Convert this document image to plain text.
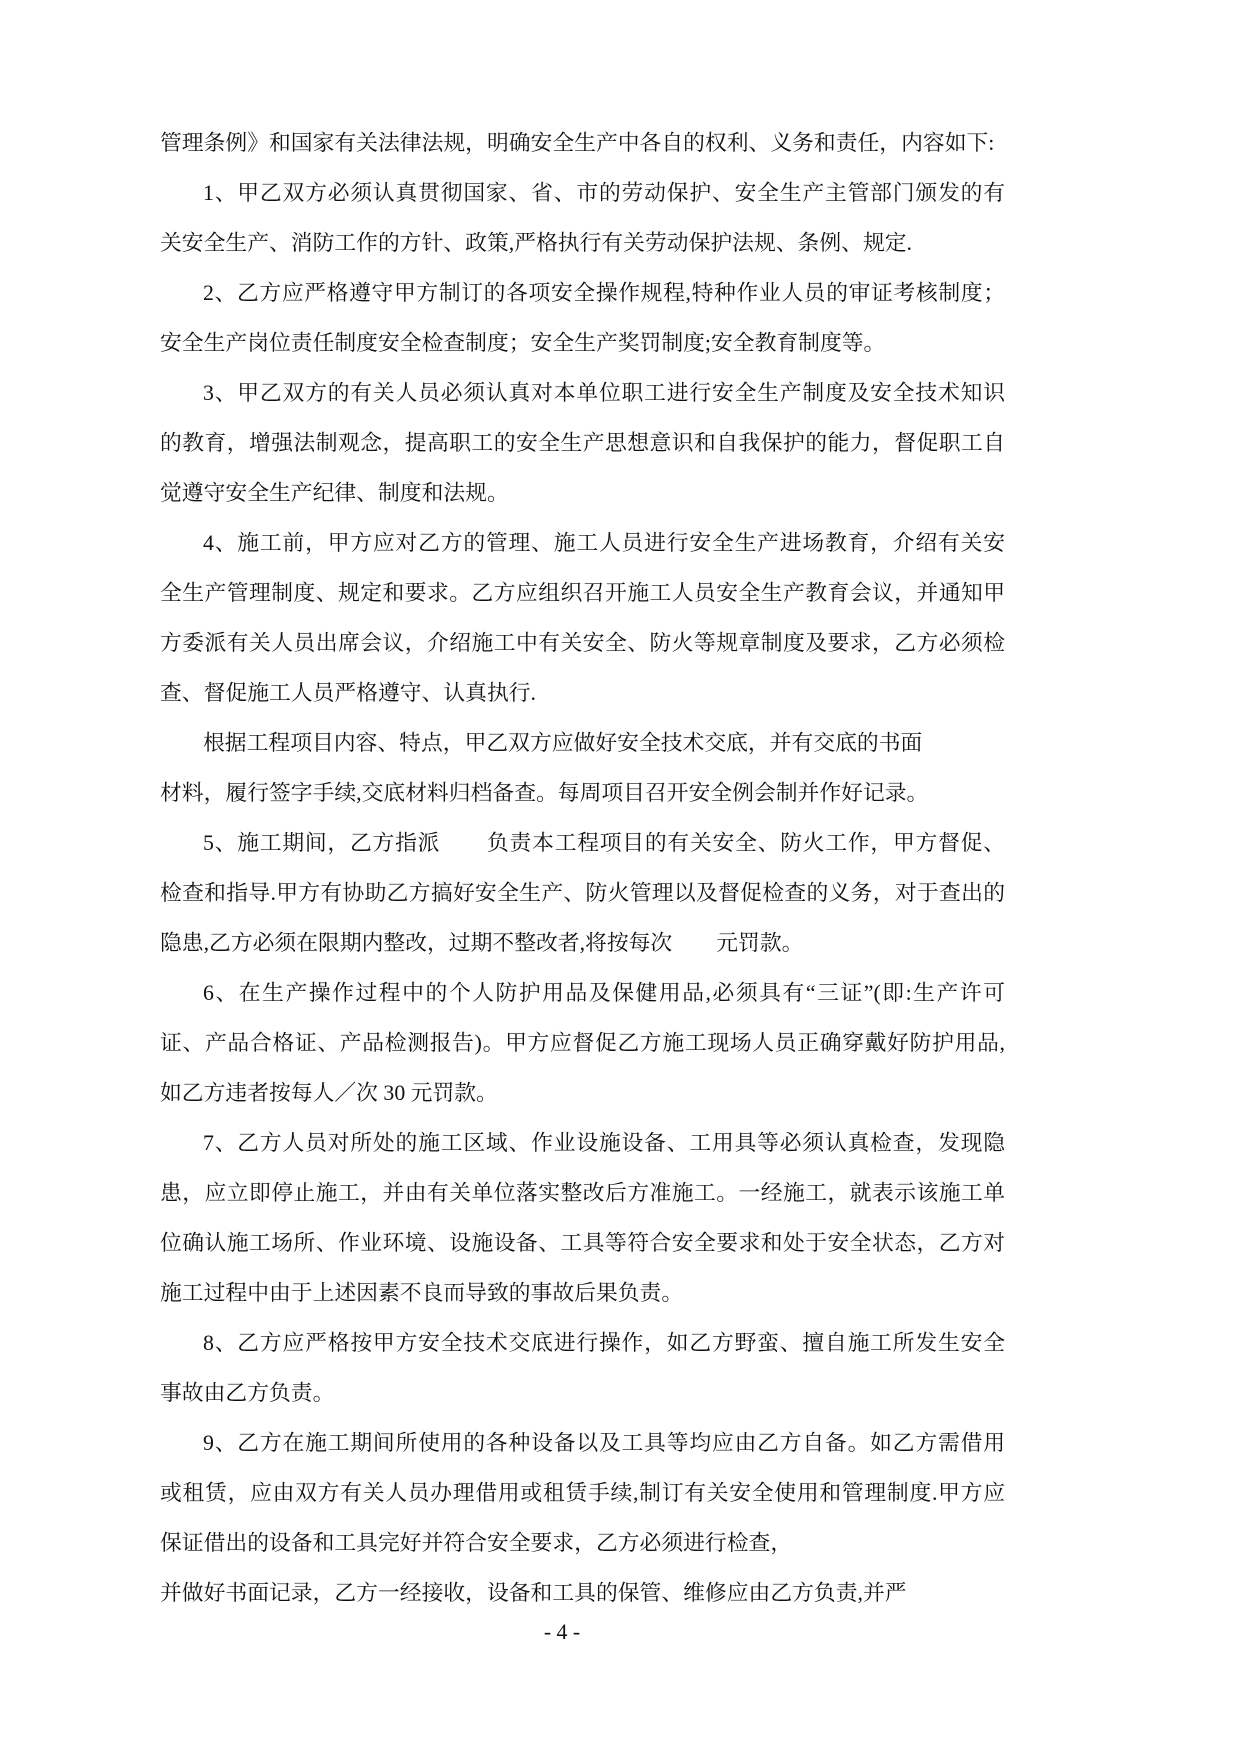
管理条例》和国家有关法律法规，明确安全生产中各自的权利、义务和责任，内容如下:
1、甲乙双方必须认真贯彻国家、省、市的劳动保护、安全生产主管部门颁发的有
关安全生产、消防工作的方针、政策,严格执行有关劳动保护法规、条例、规定.
2、乙方应严格遵守甲方制订的各项安全操作规程,特种作业人员的审证考核制度；
安全生产岗位责任制度安全检查制度；安全生产奖罚制度;安全教育制度等。
3、甲乙双方的有关人员必须认真对本单位职工进行安全生产制度及安全技术知识
的教育，增强法制观念，提高职工的安全生产思想意识和自我保护的能力，督促职工自
觉遵守安全生产纪律、制度和法规。
4、施工前，甲方应对乙方的管理、施工人员进行安全生产进场教育，介绍有关安
全生产管理制度、规定和要求。乙方应组织召开施工人员安全生产教育会议，并通知甲
方委派有关人员出席会议，介绍施工中有关安全、防火等规章制度及要求，乙方必须检
查、督促施工人员严格遵守、认真执行.
根据工程项目内容、特点，甲乙双方应做好安全技术交底，并有交底的书面
材料，履行签字手续,交底材料归档备查。每周项目召开安全例会制并作好记录。
5、施工期间，乙方指派 负责本工程项目的有关安全、防火工作，甲方督促、
检查和指导.甲方有协助乙方搞好安全生产、防火管理以及督促检查的义务，对于查出的
隐患,乙方必须在限期内整改，过期不整改者,将按每次 元罚款。
6、在生产操作过程中的个人防护用品及保健用品,必须具有“三证”(即:生产许可
证、产品合格证、产品检测报告)。甲方应督促乙方施工现场人员正确穿戴好防护用品,
如乙方违者按每人／次 30 元罚款。
7、乙方人员对所处的施工区域、作业设施设备、工用具等必须认真检查，发现隐
患，应立即停止施工，并由有关单位落实整改后方准施工。一经施工，就表示该施工单
位确认施工场所、作业环境、设施设备、工具等符合安全要求和处于安全状态，乙方对
施工过程中由于上述因素不良而导致的事故后果负责。
8、乙方应严格按甲方安全技术交底进行操作，如乙方野蛮、擅自施工所发生安全
事故由乙方负责。
9、乙方在施工期间所使用的各种设备以及工具等均应由乙方自备。如乙方需借用
或租赁，应由双方有关人员办理借用或租赁手续,制订有关安全使用和管理制度.甲方应
保证借出的设备和工具完好并符合安全要求，乙方必须进行检查，
并做好书面记录，乙方一经接收，设备和工具的保管、维修应由乙方负责,并严
- 4 -
